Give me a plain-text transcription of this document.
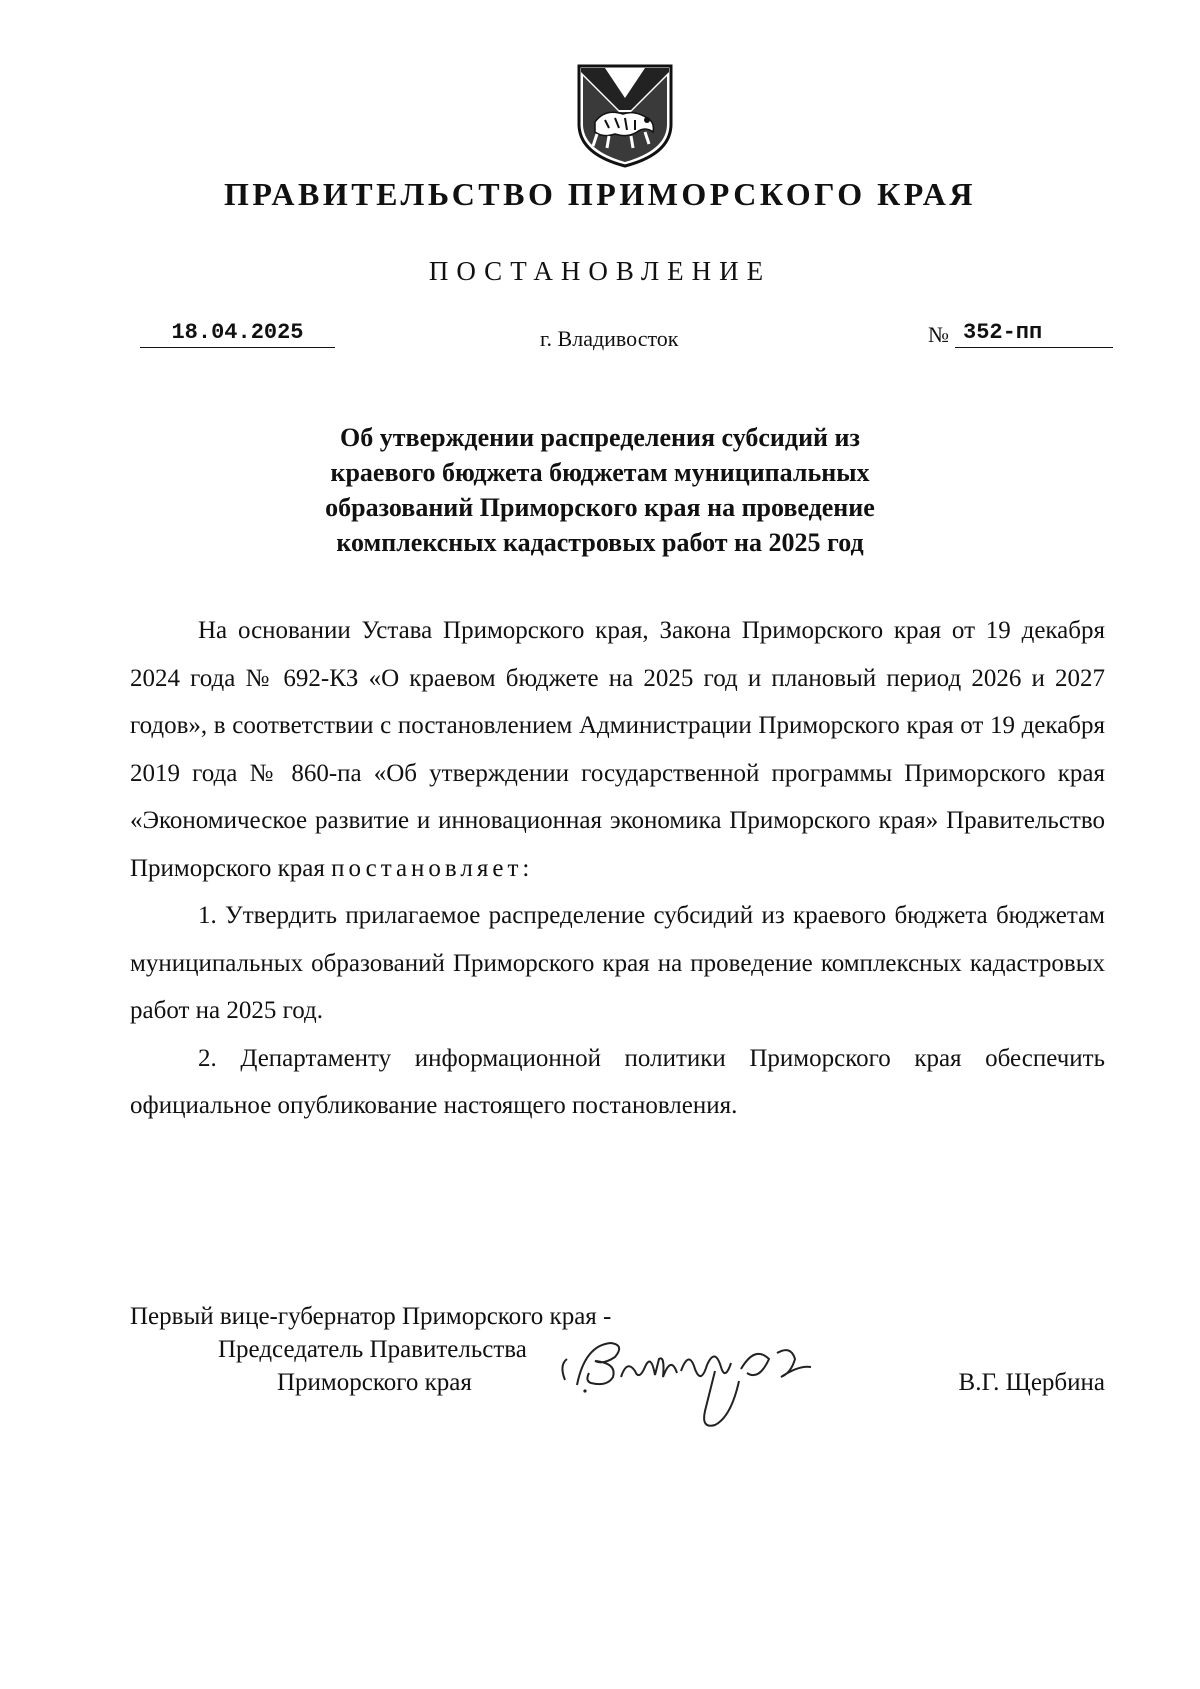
ПРАВИТЕЛЬСТВО ПРИМОРСКОГО КРАЯ
ПОСТАНОВЛЕНИЕ
18.04.2025	г. Владивосток	№ 352-пп
Об утверждении распределения субсидий из
краевого бюджета бюджетам муниципальных
образований Приморского края на проведение
комплексных кадастровых работ на 2025 год

На основании Устава Приморского края, Закона Приморского края от 19 декабря 2024 года № 692-КЗ «О краевом бюджете на 2025 год и плановый период 2026 и 2027 годов», в соответствии с постановлением Администрации Приморского края от 19 декабря 2019 года № 860-па «Об утверждении государственной программы Приморского края «Экономическое развитие и инновационная экономика Приморского края» Правительство Приморского края постановляет:

1. Утвердить прилагаемое распределение субсидий из краевого бюджета бюджетам муниципальных образований Приморского края на проведение комплексных кадастровых работ на 2025 год.

2. Департаменту информационной политики Приморского края обеспечить официальное опубликование настоящего постановления.

Первый вице-губернатор Приморского края -
Председатель Правительства
Приморского края	В.Г. Щербина
